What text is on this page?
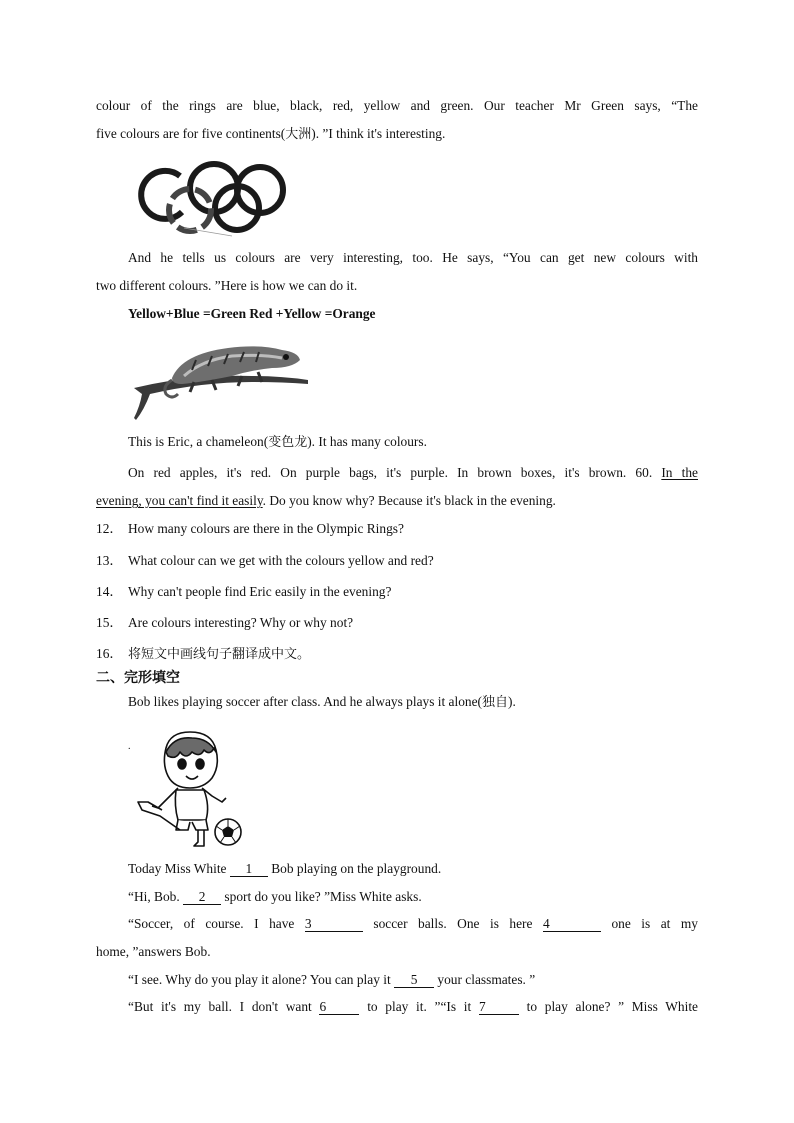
colour of the rings are blue, black, red, yellow and green. Our teacher Mr Green says, “The
five colours are for five continents(大洲). ”I think it's interesting.
And he tells us colours are very interesting, too. He says, “You can get new colours with
two different colours. ”Here is how we can do it.
Yellow+Blue =Green Red +Yellow =Orange
This is Eric, a chameleon(变色龙). It has many colours.
On red apples, it's red. On purple bags, it's purple. In brown boxes, it's brown. 60. In the
evening, you can't find it easily. Do you know why? Because it's black in the evening.
12． How many colours are there in the Olympic Rings?
13． What colour can we get with the colours yellow and red?
14． Why can't people find Eric easily in the evening?
15． Are colours interesting? Why or why not?
16． 将短文中画线句子翻译成中文。
二、完形填空
Bob likes playing soccer after class. And he always plays it alone(独自).
.
Today Miss White 1 Bob playing on the playground.
“Hi, Bob. 2 sport do you like? ”Miss White asks.
“Soccer, of course. I have 3	soccer balls. One is here 4	one is at my
home, ”answers Bob.
“I see. Why do you play it alone? You can play it 5 your classmates. ”
“But it's my ball. I don't want 6	to play it. ”“Is it 7	to play alone? ” Miss White
